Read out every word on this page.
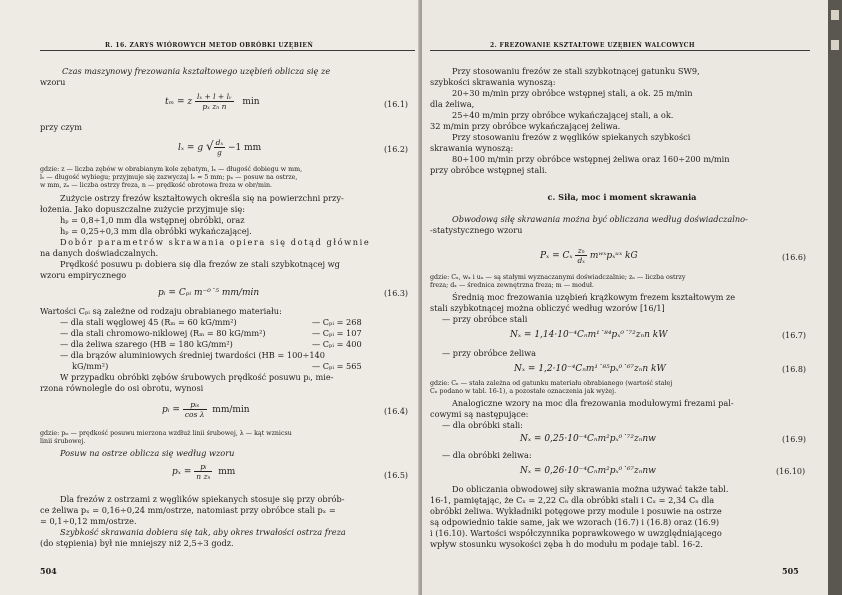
R. 16. ZARYS WIÓROWYCH METOD OBRÓBKI UZĘBIEŃ
Czas maszynowy frezowania kształtowego uzębień oblicza się ze
wzoru
tₘ = z $\frac{\text{lₓ + l + lᵥ}}{\text{pₓ zₙ n}}$ min	(16.1)
przy czym
lₓ = g √ $\frac{\text{dₓ}}{g} -1$ mm	(16.2)
gdzie: z — liczba zębów w obrabianym kole zębatym, lₓ — długość dobiegu w mm,
lᵥ — długość wybiegu; przyjmuje się zazwyczaj lᵥ = 5 mm; pₓ — posuw na ostrze,
w mm, zₙ — liczba ostrzy freza, n — prędkość obrotowa freza w obr/min.
Zużycie ostrzy frezów kształtowych określa się na powierzchni przy-
łożenia. Jako dopuszczalne zużycie przyjmuje się:
hₚ = 0,8÷1,0 mm dla wstępnej obróbki, oraz
hₚ = 0,25÷0,3 mm dla obróbki wykańczającej.
Dobór parametrów skrawania opiera się dotąd głównie
na danych doświadczalnych.
Prędkość posuwu pᵢ dobiera się dla frezów ze stali szybkotnącej wg
wzoru empirycznego
pᵢ = Cₚᵢ m⁻⁰˙⁵ mm/min	(16.3)
Wartości Cₚᵢ są zależne od rodzaju obrabianego materiału:
— dla stali węglowej 45 (Rₘ = 60 kG/mm²)	— Cₚᵢ = 268
— dla stali chromowo-niklowej (Rₘ = 80 kG/mm²)	— Cₚᵢ = 107
— dla żeliwa szarego (HB = 180 kG/mm²)	— Cₚᵢ = 400
— dla brązów aluminiowych średniej twardości (HB = 100÷140
kG/mm²)	— Cₚᵢ = 565
W przypadku obróbki zębów śrubowych prędkość posuwu pᵢ, mie-
rzona równolegle do osi obrotu, wynosi
pᵢ = $\frac{\text{pᵢₛ}}{\text{cos λ}} mm/\min$	(16.4)
gdzie: pᵢₛ — prędkość posuwu mierzona wzdłuż linii śrubowej, λ — kąt wznicsu
linii śrubowej.
Posuw na ostrze oblicza się według wzoru
$p_x = \frac{\text{pᵢ}}{\text{n zₙ}}$ mm	(16.5)
Dla frezów z ostrzami z węglików spiekanych stosuje się przy obrób-
ce żeliwa pₓ = 0,16÷0,24 mm/ostrze, natomiast przy obróbce stali pₓ =
= 0,1÷0,12 mm/ostrze.
Szybkość skrawania dobiera się tak, aby okres trwałości ostrza freza
(do stępienia) był nie mniejszy niż 2,5÷3 godz.
504
2. FREZOWANIE KSZTAŁTOWE UZĘBIEŃ WALCOWYCH
Przy stosowaniu frezów ze stali szybkotnącej gatunku SW9,
szybkości skrawania wynoszą:
20÷30 m/min przy obróbce wstępnej stali, a ok. 25 m/min
dla żeliwa,
25÷40 m/min przy obróbce wykańczającej stali, a ok.
32 m/min przy obróbce wykańczającej żeliwa.
Przy stosowaniu frezów z węglików spiekanych szybkości
skrawania wynoszą:
80÷100 m/min przy obróbce wstępnej żeliwa oraz 160÷200 m/min
przy obróbce wstępnej stali.
c. Siła, moc i moment skrawania
Obwodową siłę skrawania można być obliczana według doświadczalno-
-statystycznego wzoru
Pₓ = Cₓ $\frac{\text{zₙ}}{\text{dₓ}}$ mʷˣpₓᵘˣ kG	(16.6)
gdzie: Cₓ, wₓ i uₓ — są stałymi wyznaczanymi doświadczalnie; zₙ — liczba ostrzy
freza; dₓ — średnica zewnętrzna freza; m — moduł.
Średnią moc frezowania uzębień krążkowym frezem kształtowym ze
stali szybkotnącej można obliczyć według wzorów [16/1]
— przy obróbce stali
Nₓ = 1,14·10⁻⁴Cₙm¹˙⁸⁴pₓ⁰˙⁷²zₙn kW	(16.7)
— przy obróbce żeliwa
Nₓ = 1,2·10⁻⁴Cₙm¹˙⁸⁵pₓ⁰˙⁶⁷zₙn kW	(16.8)
gdzie: Cₙ — stała zależna od gatunku materiału obrabianego (wartość stałej
Cₙ podano w tabl. 16-1), a pozostałe oznaczenia jak wyżej.
Analogiczne wzory na moc dla frezowania modułowymi frezami pal-
cowymi są następujące:
— dla obróbki stali:
Nₓ = 0,25·10⁻⁴Cₙm²pₓ⁰˙⁷²zₙnw	(16.9)
— dla obróbki żeliwa:
Nₓ = 0,26·10⁻⁴Cₙm²pₓ⁰˙⁶⁷zₙnw	(16.10)
Do obliczania obwodowej siły skrawania można używać także tabl.
16-1, pamiętając, że Cₓ = 2,22 Cₙ dla obróbki stali i Cₓ = 2,34 Cₙ dla
obróbki żeliwa. Wykładniki potęgowe przy module i posuwie na ostrze
są odpowiednio takie same, jak we wzorach (16.7) i (16.8) oraz (16.9)
i (16.10). Wartości współczynnika poprawkowego w uwzględniającego
wpływ stosunku wysokości zęba h do modułu m podaje tabl. 16-2.
505
